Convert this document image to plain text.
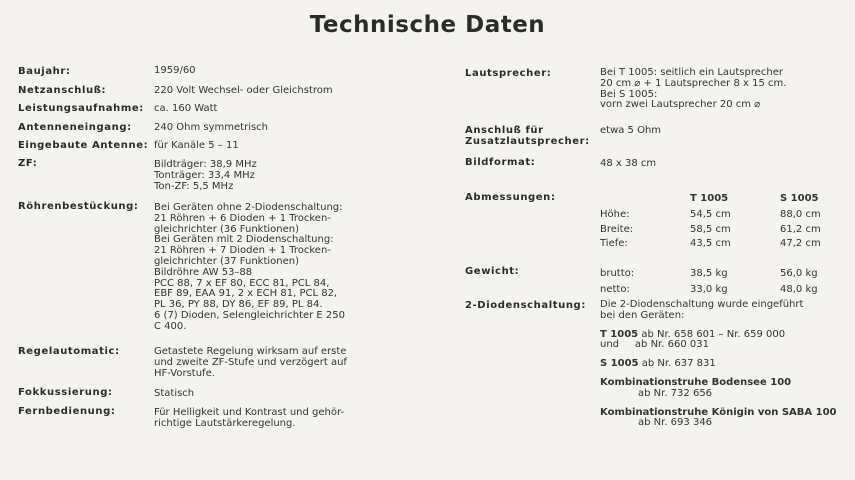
Technische Daten
Baujahr:	1959/60
Netzanschluß:	220 Volt Wechsel- oder Gleichstrom
Leistungsaufnahme: ca. 160 Watt
Antenneneingang: 240 Ohm symmetrisch
Eingebaute Antenne: für Kanäle 5 – 11
ZF:	Bildträger: 38,9 MHz
Tonträger: 33,4 MHz
Ton-ZF: 5,5 MHz
Röhrenbestückung: Bei Geräten ohne 2-Diodenschaltung:
21 Röhren + 6 Dioden + 1 Trocken-
gleichrichter (36 Funktionen)
Bei Geräten mit 2 Diodenschaltung:
21 Röhren + 7 Dioden + 1 Trocken-
gleichrichter (37 Funktionen)
Bildröhre AW 53–88
PCC 88, 7 x EF 80, ECC 81, PCL 84,
EBF 89, EAA 91, 2 x ECH 81, PCL 82,
PL 36, PY 88, DY 86, EF 89, PL 84.
6 (7) Dioden, Selengleichrichter E 250
C 400.
Regelautomatic:	Getastete Regelung wirksam auf erste
und zweite ZF-Stufe und verzögert auf
HF-Vorstufe.
Fokkussierung:	Statisch
Fernbedienung:	Für Helligkeit und Kontrast und gehör-
richtige Lautstärkeregelung.
Lautsprecher:	Bei T 1005: seitlich ein Lautsprecher
20 cm ⌀ + 1 Lautsprecher 8 x 15 cm.
Bei S 1005:
vorn zwei Lautsprecher 20 cm ⌀
Anschluß für
Zusatzlautsprecher:
etwa 5 Ohm
Bildformat:	48 x 38 cm
Abmessungen:	T 1005	S 1005
Höhe:	54,5 cm	88,0 cm
Breite:	58,5 cm	61,2 cm
Tiefe:	43,5 cm	47,2 cm
Gewicht:	brutto:	38,5 kg	56,0 kg
netto:	33,0 kg	48,0 kg
2-Diodenschaltung: Die 2-Diodenschaltung wurde eingeführt
bei den Geräten:
T 1005 ab Nr. 658 601 – Nr. 659 000
und     ab Nr. 660 031
S 1005 ab Nr. 637 831
Kombinationstruhe Bodensee 100
ab Nr. 732 656
Kombinationstruhe Königin von SABA 100
ab Nr. 693 346
